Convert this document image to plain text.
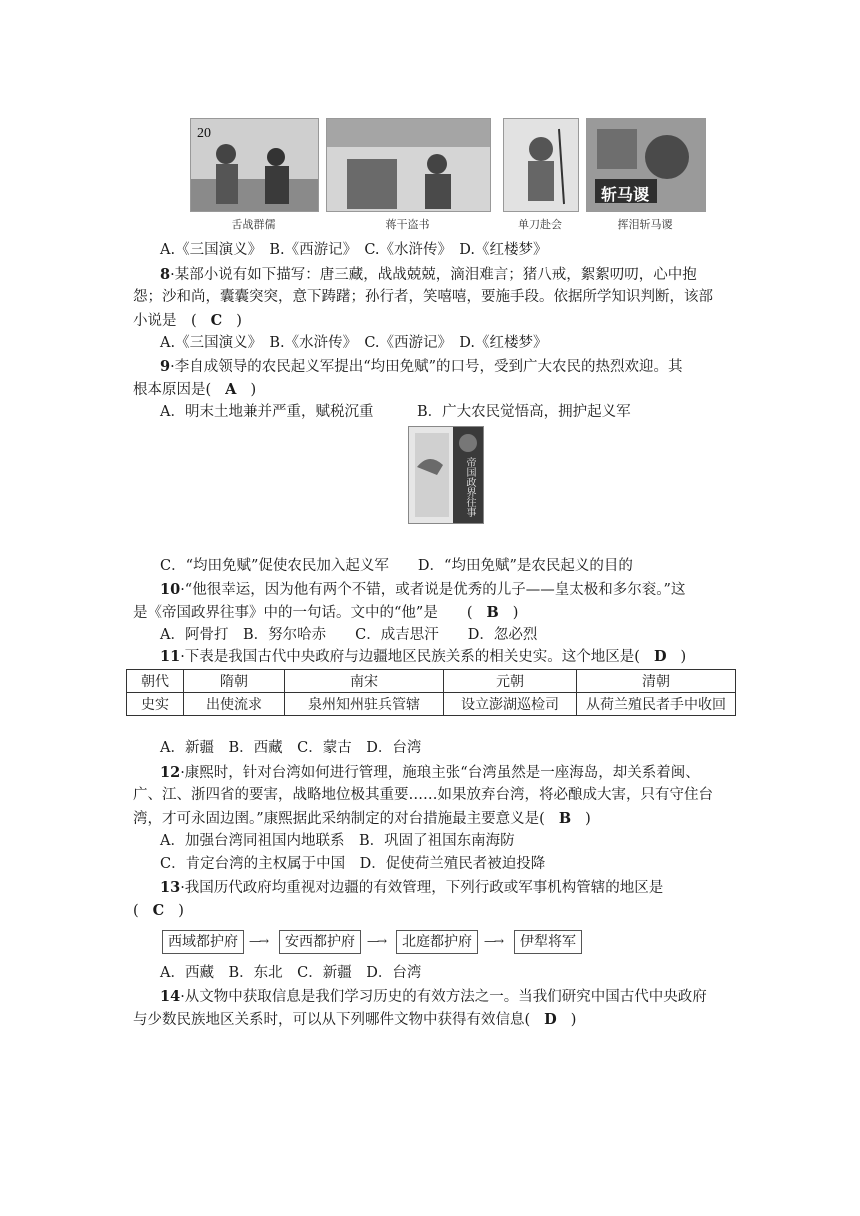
20
斩马谡
舌战群儒	蒋干盗书	单刀赴会	挥泪斩马谡
A.《三国演义》　B.《西游记》　C.《水浒传》　D.《红楼梦》
8·某部小说有如下描写：唐三藏，战战兢兢，滴泪难言；猪八戒，絮絮叨叨，心中抱
怨；沙和尚，囊囊突突，意下踌躇；孙行者，笑嘻嘻，要施手段。依据所学知识判断，该部
小说是　( C )
A.《三国演义》　B.《水浒传》　C.《西游记》　D.《红楼梦》
9·李自成领导的农民起义军提出“均田免赋”的口号，受到广大农民的热烈欢迎。其
根本原因是( A )
A．明末土地兼并严重，赋税沉重　　　B．广大农民觉悟高，拥护起义军
帝国政界往事
C．“均田免赋”促使农民加入起义军　　D．“均田免赋”是农民起义的目的
10·“他很幸运，因为他有两个不错，或者说是优秀的儿子——皇太极和多尔衮。”这
是《帝国政界往事》中的一句话。文中的“他”是　　( B )
A．阿骨打　B．努尔哈赤　　C．成吉思汗　　D．忽必烈
11·下表是我国古代中央政府与边疆地区民族关系的相关史实。这个地区是( D )
朝代	隋朝	南宋	元朝	清朝
史实	出使流求	泉州知州驻兵管辖	设立澎湖巡检司	从荷兰殖民者手中收回
A．新疆　B．西藏　C．蒙古　D．台湾
12·康熙时，针对台湾如何进行管理，施琅主张“台湾虽然是一座海岛，却关系着闽、
广、江、浙四省的要害，战略地位极其重要……如果放弃台湾，将必酿成大害，只有守住台
湾，才可永固边圉。”康熙据此采纳制定的对台措施最主要意义是( B )
A．加强台湾同祖国内地联系　B．巩固了祖国东南海防
C．肯定台湾的主权属于中国　D．促使荷兰殖民者被迫投降
13·我国历代政府均重视对边疆的有效管理，下列行政或军事机构管辖的地区是
( C )
西域都护府 —→	安西都护府	—→	北庭都护府	—→	伊犁将军
A．西藏　B．东北　C．新疆　D．台湾
14·从文物中获取信息是我们学习历史的有效方法之一。当我们研究中国古代中央政府
与少数民族地区关系时，可以从下列哪件文物中获得有效信息( D )
